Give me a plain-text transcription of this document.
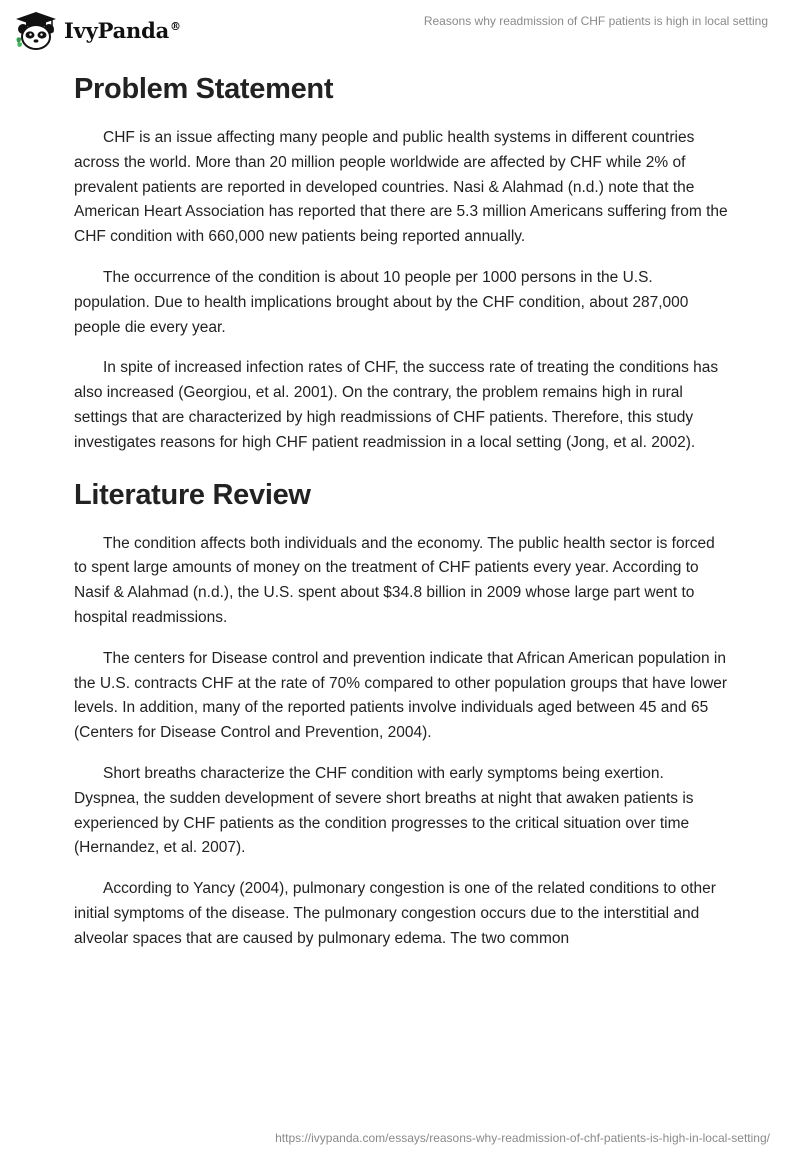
IvyPanda®	Reasons why readmission of CHF patients is high in local setting
Problem Statement

CHF is an issue affecting many people and public health systems in different countries across the world. More than 20 million people worldwide are affected by CHF while 2% of prevalent patients are reported in developed countries. Nasi & Alahmad (n.d.) note that the American Heart Association has reported that there are 5.3 million Americans suffering from the CHF condition with 660,000 new patients being reported annually.

The occurrence of the condition is about 10 people per 1000 persons in the U.S. population. Due to health implications brought about by the CHF condition, about 287,000 people die every year.

In spite of increased infection rates of CHF, the success rate of treating the conditions has also increased (Georgiou, et al. 2001). On the contrary, the problem remains high in rural settings that are characterized by high readmissions of CHF patients. Therefore, this study investigates reasons for high CHF patient readmission in a local setting (Jong, et al. 2002).

Literature Review

The condition affects both individuals and the economy. The public health sector is forced to spent large amounts of money on the treatment of CHF patients every year. According to Nasif & Alahmad (n.d.), the U.S. spent about $34.8 billion in 2009 whose large part went to hospital readmissions.

The centers for Disease control and prevention indicate that African American population in the U.S. contracts CHF at the rate of 70% compared to other population groups that have lower levels. In addition, many of the reported patients involve individuals aged between 45 and 65 (Centers for Disease Control and Prevention, 2004).

Short breaths characterize the CHF condition with early symptoms being exertion. Dyspnea, the sudden development of severe short breaths at night that awaken patients is experienced by CHF patients as the condition progresses to the critical situation over time (Hernandez, et al. 2007).

According to Yancy (2004), pulmonary congestion is one of the related conditions to other initial symptoms of the disease. The pulmonary congestion occurs due to the interstitial and alveolar spaces that are caused by pulmonary edema. The two common

https://ivypanda.com/essays/reasons-why-readmission-of-chf-patients-is-high-in-local-setting/
